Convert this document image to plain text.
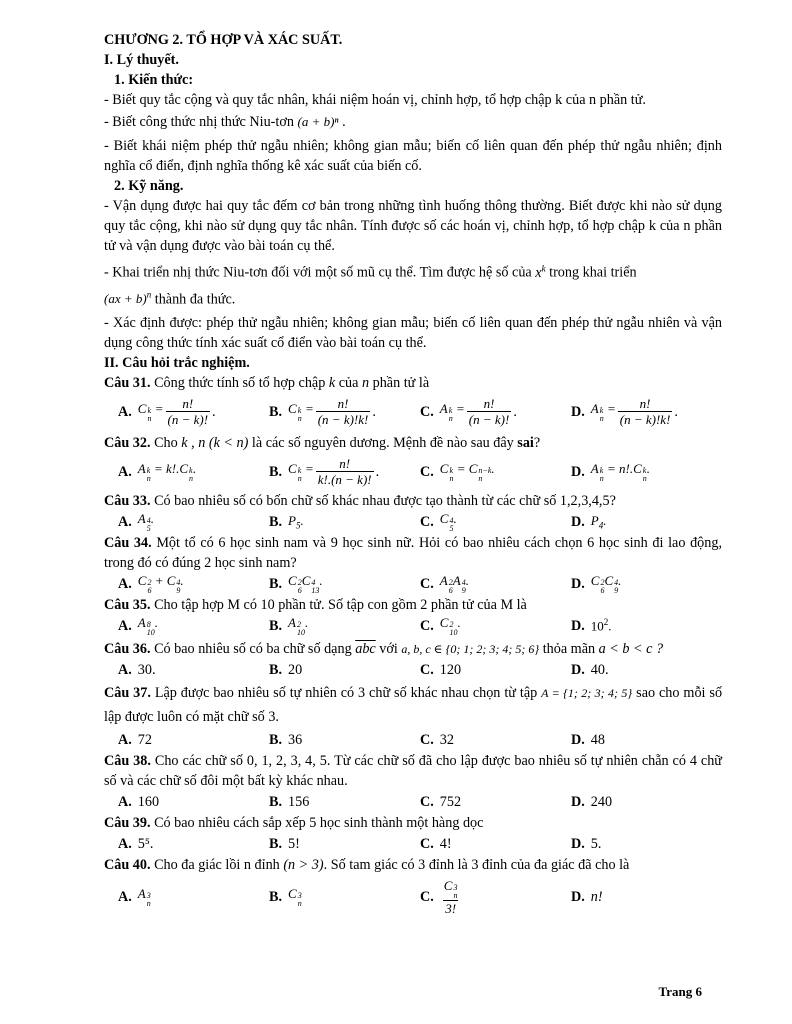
CHƯƠNG 2. TỔ HỢP VÀ XÁC SUẤT.

I. Lý thuyết.

1. Kiến thức:

- Biết quy tắc cộng và quy tắc nhân, khái niệm hoán vị, chỉnh hợp, tổ hợp chập k của n phần tử.

- Biết công thức nhị thức Niu-tơn (a + b)ⁿ .

- Biết khái niệm phép thử ngẫu nhiên; không gian mẫu; biến cố liên quan đến phép thử ngẫu nhiên; định nghĩa cổ điển, định nghĩa thống kê xác suất của biến cố.

2. Kỹ năng.

- Vận dụng được hai quy tắc đếm cơ bản trong những tình huống thông thường. Biết được khi nào sử dụng quy tắc cộng, khi nào sử dụng quy tắc nhân. Tính được số các hoán vị, chỉnh hợp, tổ hợp chập k của n phần tử và vận dụng được vào bài toán cụ thể.

- Khai triển nhị thức Niu-tơn đối với một số mũ cụ thể. Tìm được hệ số của $x^k$ trong khai triển

(ax + b)$^n$ thành đa thức.

- Xác định được: phép thử ngẫu nhiên; không gian mẫu; biến cố liên quan đến phép thử ngẫu nhiên và vận dụng công thức tính xác suất cổ điển vào bài toán cụ thể.

II. Câu hỏi trắc nghiệm.

Câu 31. Công thức tính số tổ hợp chập k của n phần tử là

A. C k
n
= $\frac{n!}{(n - k)!}$ .	B. C k
n
= $\frac{n!}{(n - k)!k!}$ .	C. A k
n
= $\frac{n!}{(n - k)!}$ .	D. A k
n
= $\frac{n!}{(n - k)!k!}$ .

Câu 32. Cho k , n (k < n) là các số nguyên dương. Mệnh đề nào sau đây sai?

A. A k
n
= k!.C k
n
.	B. C k
n
= $\frac{n!}{k!.(n - k)!}$ .	C. C k
n
= C n−k
n
.	D. A k
n
= n!.C k
n
.

Câu 33. Có bao nhiêu số có bốn chữ số khác nhau được tạo thành từ các chữ số 1,2,3,4,5?

A. A 4
5
.	B. $P_5$.	C. C 4
5
.	D. $P_4$.

Câu 34. Một tổ có 6 học sinh nam và 9 học sinh nữ. Hỏi có bao nhiêu cách chọn 6 học sinh đi lao động, trong đó có đúng 2 học sinh nam?

A. C 2
6
+ C 4
9
.	B. C 2
6
C 4
13
.	C. A 2
6
A 4
9
.	D. C 2
6
C 4
9
.

Câu 35. Cho tập hợp M có 10 phần tử. Số tập con gồm 2 phần tử của M là

A. A 8
10
.	B. A 2
10
.	C. C 2
10
.	D. $10^2$.

Câu 36. Có bao nhiêu số có ba chữ số dạng $\overline{abc}$ với a, b, c ∈ {0; 1; 2; 3; 4; 5; 6} thỏa mãn a < b < c ?

A. 30.	B. 20	C. 120	D. 40.

Câu 37. Lập được bao nhiêu số tự nhiên có 3 chữ số khác nhau chọn từ tập A = {1; 2; 3; 4; 5} sao cho mỗi số lập được luôn có mặt chữ số 3.

A. 72	B. 36	C. 32	D. 48

Câu 38. Cho các chữ số 0, 1, 2, 3, 4, 5. Từ các chữ số đã cho lập được bao nhiêu số tự nhiên chẵn có 4 chữ số và các chữ số đôi một bất kỳ khác nhau.

A. 160	B. 156	C. 752	D. 240

Câu 39. Có bao nhiêu cách sắp xếp 5 học sinh thành một hàng dọc

A. 5⁵.	B. 5!	C. 4!	D. 5.

Câu 40. Cho đa giác lồi n đỉnh (n > 3). Số tam giác có 3 đỉnh là 3 đỉnh của đa giác đã cho là

A. A 3
n	B. C 3
n	C. C 3
n
3!	D. n!
Trang 6
